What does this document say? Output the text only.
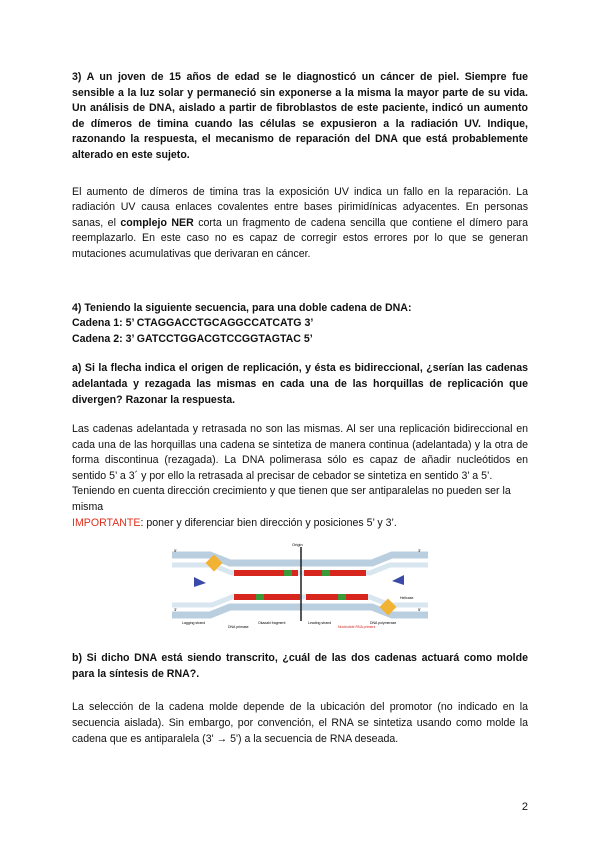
3) A un joven de 15 años de edad se le diagnosticó un cáncer de piel. Siempre fue sensible a la luz solar y permaneció sin exponerse a la misma la mayor parte de su vida. Un análisis de DNA, aislado a partir de fibroblastos de este paciente, indicó un aumento de dímeros de timina cuando las células se expusieron a la radiación UV. Indique, razonando la respuesta, el mecanismo de reparación del DNA que está probablemente alterado en este sujeto.

El aumento de dímeros de timina tras la exposición UV indica un fallo en la reparación. La radiación UV causa enlaces covalentes entre bases pirimidínicas adyacentes. En personas sanas, el complejo NER corta un fragmento de cadena sencilla que contiene el dímero para reemplazarlo. En este caso no es capaz de corregir estos errores por lo que se generan mutaciones acumulativas que derivaran en cáncer.

4) Teniendo la siguiente secuencia, para una doble cadena de DNA:

Cadena 1: 5’ CTAGGACCTGCAGGCCATCATG 3’

Cadena 2: 3’ GATCCTGGACGTCCGGTAGTAC 5’

a) Si la flecha indica el origen de replicación, y ésta es bidireccional, ¿serían las cadenas adelantada y rezagada las mismas en cada una de las horquillas de replicación que divergen? Razonar la respuesta.

Las cadenas adelantada y retrasada no son las mismas. Al ser una replicación bidireccional en cada una de las horquillas una cadena se sintetiza de manera continua (adelantada) y la otra de forma discontinua (rezagada). La DNA polimerasa sólo es capaz de añadir nucleótidos en sentido 5’ a 3´ y por ello la retrasada al precisar de cebador se sintetiza en sentido 3’ a 5’.

Teniendo en cuenta dirección crecimiento y que tienen que ser antiparalelas no pueden ser la misma

IMPORTANTE: poner y diferenciar bien dirección y posiciones 5’ y 3’.

Origin
5'
3'
3'
5'
Lagging strand	Okazaki fragment	Leading strand
Nucleotide RNA primers
DNA primase
DNA polymerase
Helicase

b) Si dicho DNA está siendo transcrito, ¿cuál de las dos cadenas actuará como molde para la síntesis de RNA?.

La selección de la cadena molde depende de la ubicación del promotor (no indicado en la secuencia aislada). Sin embargo, por convención, el RNA se sintetiza usando como molde la cadena que es antiparalela (3' → 5') a la secuencia de RNA deseada.

2
